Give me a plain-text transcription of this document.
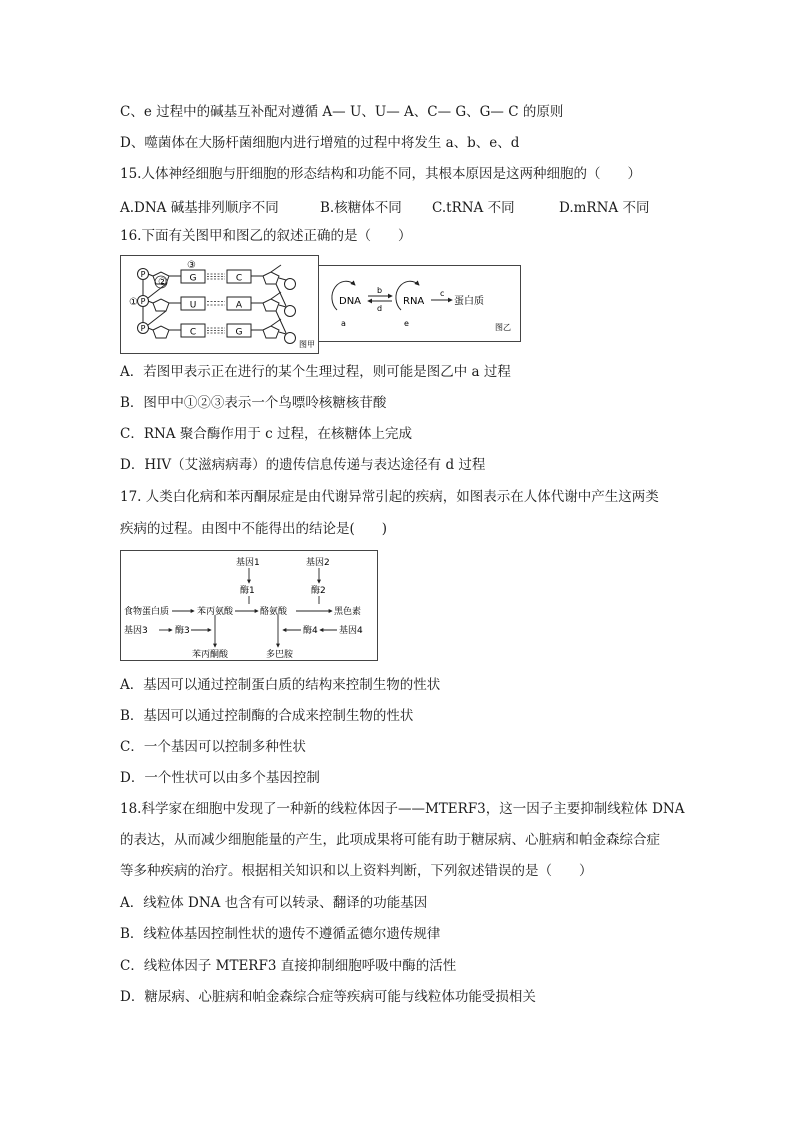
C、e 过程中的碱基互补配对遵循 A— U、U— A、C— G、G— C 的原则
D、噬菌体在大肠杆菌细胞内进行增殖的过程中将发生 a、b、e、d
15.人体神经细胞与肝细胞的形态结构和功能不同，其根本原因是这两种细胞的（　　）
A.DNA 碱基排列顺序不同	B.核糖体不同 C.tRNA 不同	D.mRNA 不同
16.下面有关图甲和图乙的叙述正确的是（　　）
P
P
P
①
②
③
G
U
C
C
A
G
图甲
DNA
a
b
d
RNA
e
c
蛋白质
图乙
A．若图甲表示正在进行的某个生理过程，则可能是图乙中 a 过程
B．图甲中①②③表示一个鸟嘌呤核糖核苷酸
C．RNA 聚合酶作用于 c 过程，在核糖体上完成
D．HIV（艾滋病病毒）的遗传信息传递与表达途径有 d 过程
17. 人类白化病和苯丙酮尿症是由代谢异常引起的疾病，如图表示在人体代谢中产生这两类
疾病的过程。由图中不能得出的结论是(　　)
基因1	基因2
酶1	酶2
食物蛋白质	苯丙氨酸	酪氨酸	黑色素
基因3	酶3	酶4 基因4
苯丙酮酸	多巴胺
A．基因可以通过控制蛋白质的结构来控制生物的性状
B．基因可以通过控制酶的合成来控制生物的性状
C．一个基因可以控制多种性状
D．一个性状可以由多个基因控制
18.科学家在细胞中发现了一种新的线粒体因子——MTERF3，这一因子主要抑制线粒体 DNA
的表达，从而减少细胞能量的产生，此项成果将可能有助于糖尿病、心脏病和帕金森综合症
等多种疾病的治疗。根据相关知识和以上资料判断，下列叙述错误的是（　　）
A．线粒体 DNA 也含有可以转录、翻译的功能基因
B．线粒体基因控制性状的遗传不遵循孟德尔遗传规律
C．线粒体因子 MTERF3 直接抑制细胞呼吸中酶的活性
D．糖尿病、心脏病和帕金森综合症等疾病可能与线粒体功能受损相关
